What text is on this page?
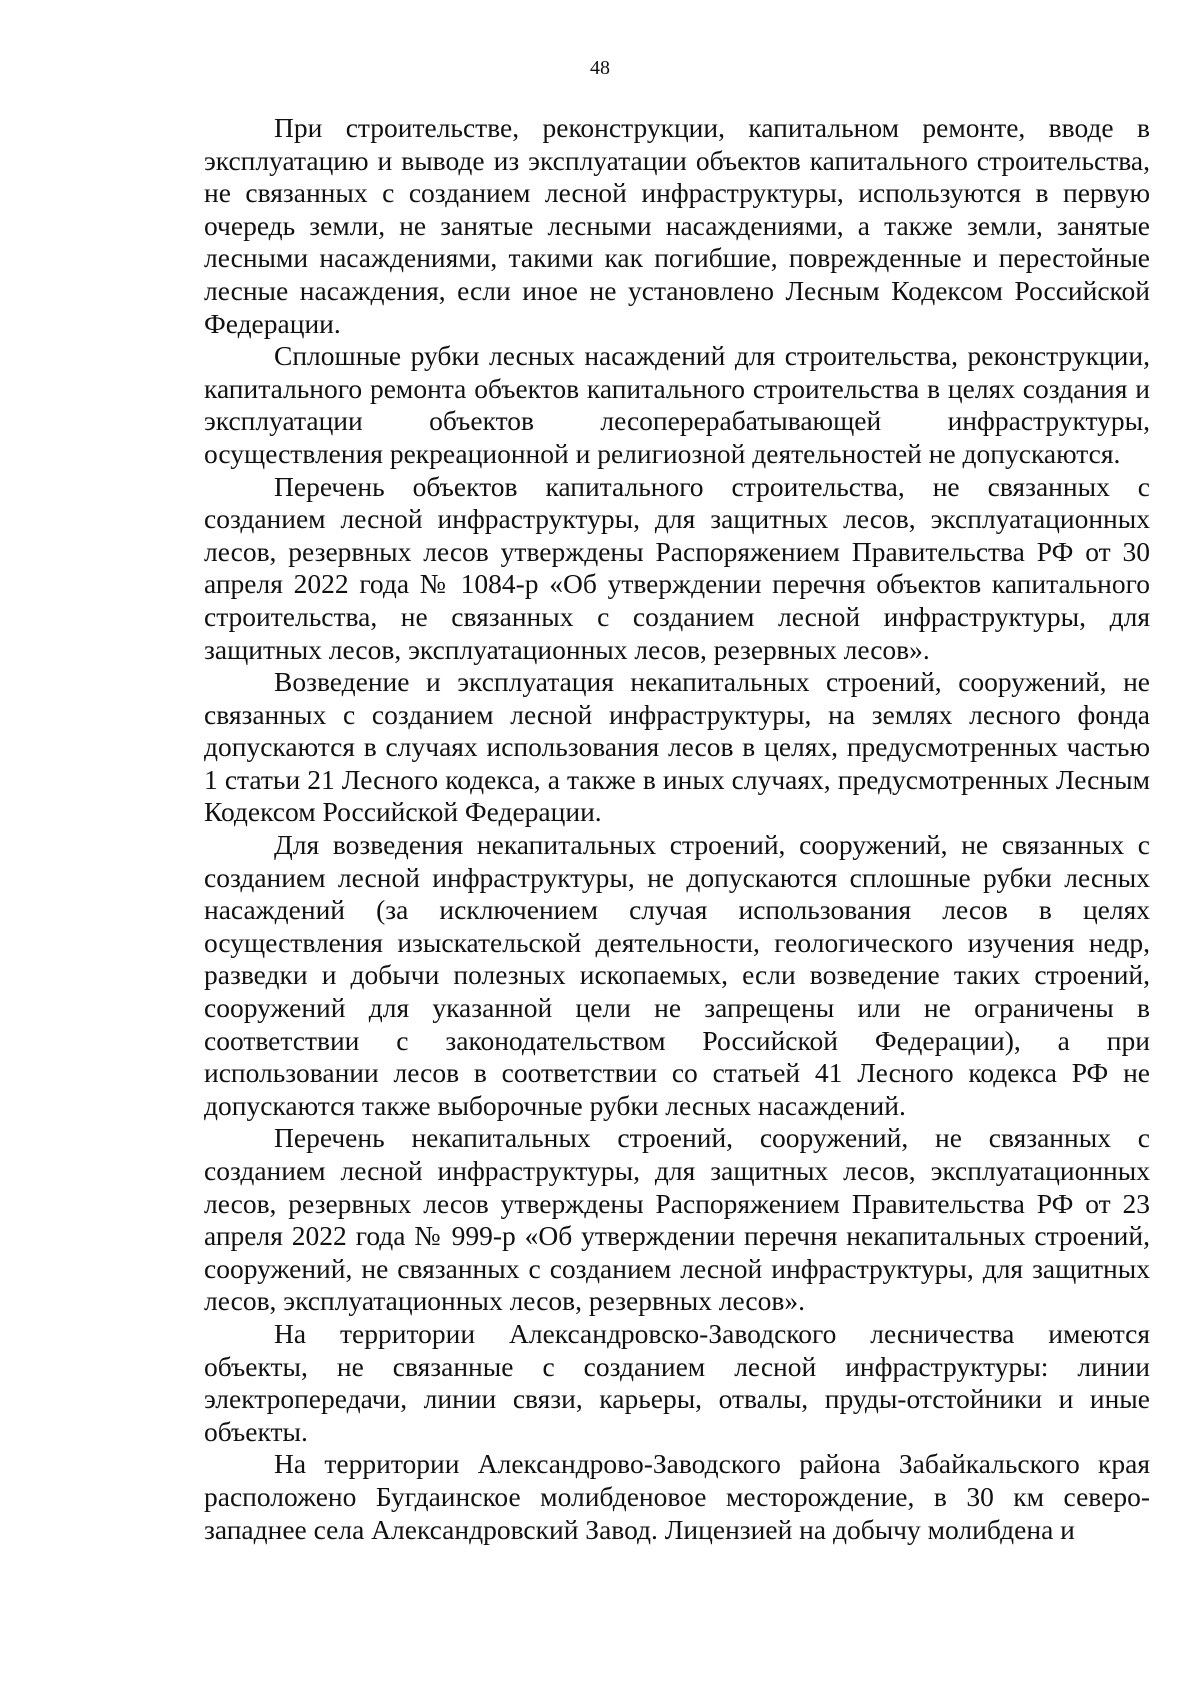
48

При строительстве, реконструкции, капитальном ремонте, вводе в эксплуатацию и выводе из эксплуатации объектов капитального строительства, не связанных с созданием лесной инфраструктуры, используются в первую очередь земли, не занятые лесными насаждениями, а также земли, занятые лесными насаждениями, такими как погибшие, поврежденные и перестойные лесные насаждения, если иное не установлено Лесным Кодексом Российской Федерации.

Сплошные рубки лесных насаждений для строительства, реконструкции, капитального ремонта объектов капитального строительства в целях создания и эксплуатации объектов лесоперерабатывающей инфраструктуры, осуществления рекреационной и религиозной деятельностей не допускаются.

Перечень объектов капитального строительства, не связанных с созданием лесной инфраструктуры, для защитных лесов, эксплуатационных лесов, резервных лесов утверждены Распоряжением Правительства РФ от 30 апреля 2022 года № 1084-р «Об утверждении перечня объектов капитального строительства, не связанных с созданием лесной инфраструктуры, для защитных лесов, эксплуатационных лесов, резервных лесов».

Возведение и эксплуатация некапитальных строений, сооружений, не связанных с созданием лесной инфраструктуры, на землях лесного фонда допускаются в случаях использования лесов в целях, предусмотренных частью 1 статьи 21 Лесного кодекса, а также в иных случаях, предусмотренных Лесным Кодексом Российской Федерации.

Для возведения некапитальных строений, сооружений, не связанных с созданием лесной инфраструктуры, не допускаются сплошные рубки лесных насаждений (за исключением случая использования лесов в целях осуществления изыскательской деятельности, геологического изучения недр, разведки и добычи полезных ископаемых, если возведение таких строений, сооружений для указанной цели не запрещены или не ограничены в соответствии с законодательством Российской Федерации), а при использовании лесов в соответствии со статьей 41 Лесного кодекса РФ не допускаются также выборочные рубки лесных насаждений.

Перечень некапитальных строений, сооружений, не связанных с созданием лесной инфраструктуры, для защитных лесов, эксплуатационных лесов, резервных лесов утверждены Распоряжением Правительства РФ от 23 апреля 2022 года № 999-р «Об утверждении перечня некапитальных строений, сооружений, не связанных с созданием лесной инфраструктуры, для защитных лесов, эксплуатационных лесов, резервных лесов».

На территории Александровско-Заводского лесничества имеются объекты, не связанные с созданием лесной инфраструктуры: линии электропередачи, линии связи, карьеры, отвалы, пруды-отстойники и иные объекты.

На территории Александрово-Заводского района Забайкальского края расположено Бугдаинское молибденовое месторождение, в 30 км северо-западнее села Александровский Завод. Лицензией на добычу молибдена и
